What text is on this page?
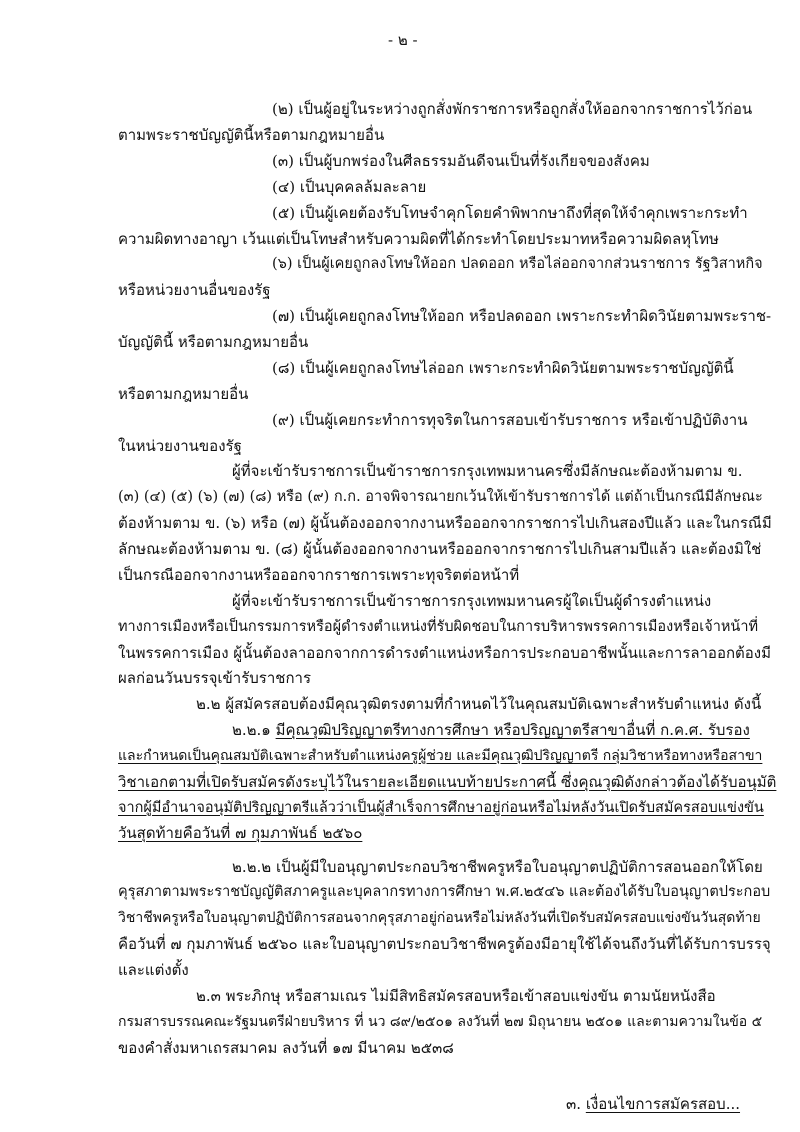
- ๒ -
(๒) เป็นผู้อยู่ในระหว่างถูกสั่งพักราชการหรือถูกสั่งให้ออกจากราชการไว้ก่อน
ตามพระราชบัญญัตินี้หรือตามกฎหมายอื่น
(๓) เป็นผู้บกพร่องในศีลธรรมอันดีจนเป็นที่รังเกียจของสังคม
(๔) เป็นบุคคลล้มละลาย
(๕) เป็นผู้เคยต้องรับโทษจำคุกโดยคำพิพากษาถึงที่สุดให้จำคุกเพราะกระทำ
ความผิดทางอาญา เว้นแต่เป็นโทษสำหรับความผิดที่ได้กระทำโดยประมาทหรือความผิดลหุโทษ
(๖) เป็นผู้เคยถูกลงโทษให้ออก ปลดออก หรือไล่ออกจากส่วนราชการ รัฐวิสาหกิจ
หรือหน่วยงานอื่นของรัฐ
(๗) เป็นผู้เคยถูกลงโทษให้ออก หรือปลดออก เพราะกระทำผิดวินัยตามพระราช-
บัญญัตินี้ หรือตามกฎหมายอื่น
(๘) เป็นผู้เคยถูกลงโทษไล่ออก เพราะกระทำผิดวินัยตามพระราชบัญญัตินี้
หรือตามกฎหมายอื่น
(๙) เป็นผู้เคยกระทำการทุจริตในการสอบเข้ารับราชการ หรือเข้าปฏิบัติงาน
ในหน่วยงานของรัฐ
ผู้ที่จะเข้ารับราชการเป็นข้าราชการกรุงเทพมหานครซึ่งมีลักษณะต้องห้ามตาม ข.
(๓) (๔) (๕) (๖) (๗) (๘) หรือ (๙) ก.ก. อาจพิจารณายกเว้นให้เข้ารับราชการได้ แต่ถ้าเป็นกรณีมีลักษณะ
ต้องห้ามตาม ข. (๖) หรือ (๗) ผู้นั้นต้องออกจากงานหรือออกจากราชการไปเกินสองปีแล้ว และในกรณีมี
ลักษณะต้องห้ามตาม ข. (๘) ผู้นั้นต้องออกจากงานหรือออกจากราชการไปเกินสามปีแล้ว และต้องมิใช่
เป็นกรณีออกจากงานหรือออกจากราชการเพราะทุจริตต่อหน้าที่
ผู้ที่จะเข้ารับราชการเป็นข้าราชการกรุงเทพมหานครผู้ใดเป็นผู้ดำรงตำแหน่ง
ทางการเมืองหรือเป็นกรรมการหรือผู้ดำรงตำแหน่งที่รับผิดชอบในการบริหารพรรคการเมืองหรือเจ้าหน้าที่
ในพรรคการเมือง ผู้นั้นต้องลาออกจากการดำรงตำแหน่งหรือการประกอบอาชีพนั้นและการลาออกต้องมี
ผลก่อนวันบรรจุเข้ารับราชการ
๒.๒ ผู้สมัครสอบต้องมีคุณวุฒิตรงตามที่กำหนดไว้ในคุณสมบัติเฉพาะสำหรับตำแหน่ง ดังนี้
๒.๒.๑ มีคุณวุฒิปริญญาตรีทางการศึกษา หรือปริญญาตรีสาขาอื่นที่ ก.ค.ศ. รับรอง
และกำหนดเป็นคุณสมบัติเฉพาะสำหรับตำแหน่งครูผู้ช่วย และมีคุณวุฒิปริญญาตรี กลุ่มวิชาหรือทางหรือสาขา
วิชาเอกตามที่เปิดรับสมัครดังระบุไว้ในรายละเอียดแนบท้ายประกาศนี้ ซึ่งคุณวุฒิดังกล่าวต้องได้รับอนุมัติ
จากผู้มีอำนาจอนุมัติปริญญาตรีแล้วว่าเป็นผู้สำเร็จการศึกษาอยู่ก่อนหรือไม่หลังวันเปิดรับสมัครสอบแข่งขัน
วันสุดท้ายคือวันที่ ๗ กุมภาพันธ์ ๒๕๖๐
๒.๒.๒ เป็นผู้มีใบอนุญาตประกอบวิชาชีพครูหรือใบอนุญาตปฏิบัติการสอนออกให้โดย
คุรุสภาตามพระราชบัญญัติสภาครูและบุคลากรทางการศึกษา พ.ศ.๒๕๔๖ และต้องได้รับใบอนุญาตประกอบ
วิชาชีพครูหรือใบอนุญาตปฏิบัติการสอนจากคุรุสภาอยู่ก่อนหรือไม่หลังวันที่เปิดรับสมัครสอบแข่งขันวันสุดท้าย
คือวันที่ ๗ กุมภาพันธ์ ๒๕๖๐ และใบอนุญาตประกอบวิชาชีพครูต้องมีอายุใช้ได้จนถึงวันที่ได้รับการบรรจุ
และแต่งตั้ง
๒.๓ พระภิกษุ หรือสามเณร ไม่มีสิทธิสมัครสอบหรือเข้าสอบแข่งขัน ตามนัยหนังสือ
กรมสารบรรณคณะรัฐมนตรีฝ่ายบริหาร ที่ นว ๘๙/๒๕๐๑ ลงวันที่ ๒๗ มิถุนายน ๒๕๐๑ และตามความในข้อ ๕
ของคำสั่งมหาเถรสมาคม ลงวันที่ ๑๗ มีนาคม ๒๕๓๘
๓. เงื่อนไขการสมัครสอบ...
